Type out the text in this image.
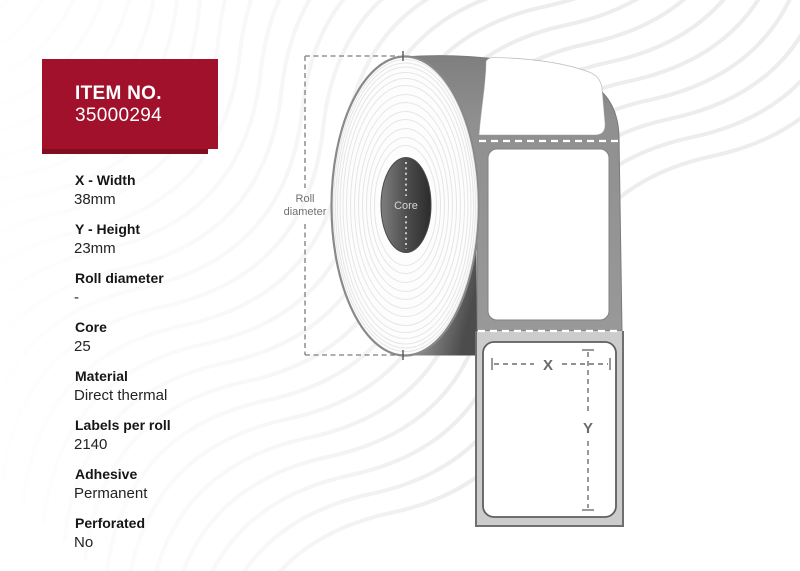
X
Y
Core
Roll
diameter
ITEM NO.
35000294
X - Width
38mm
Y - Height
23mm
Roll diameter
-
Core
25
Material
Direct thermal
Labels per roll
2140
Adhesive
Permanent
Perforated
No
